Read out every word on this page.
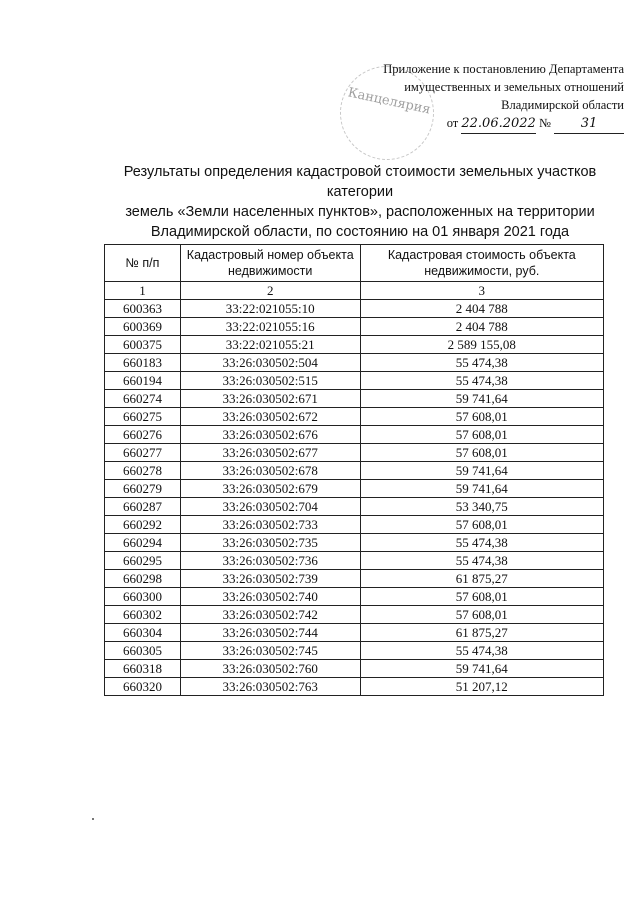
Канцелярия
Приложение к постановлению Департамента
имущественных и земельных отношений
Владимирской области
от 22.06.2022 № 31
Результаты определения кадастровой стоимости земельных участков категории
земель «Земли населенных пунктов», расположенных на территории
Владимирской области, по состоянию на 01 января 2021 года
№ п/п	Кадастровый номер объекта недвижимости	Кадастровая стоимость объекта недвижимости, руб.
1	2	3
600363	33:22:021055:10	2 404 788
600369	33:22:021055:16	2 404 788
600375	33:22:021055:21	2 589 155,08
660183	33:26:030502:504	55 474,38
660194	33:26:030502:515	55 474,38
660274	33:26:030502:671	59 741,64
660275	33:26:030502:672	57 608,01
660276	33:26:030502:676	57 608,01
660277	33:26:030502:677	57 608,01
660278	33:26:030502:678	59 741,64
660279	33:26:030502:679	59 741,64
660287	33:26:030502:704	53 340,75
660292	33:26:030502:733	57 608,01
660294	33:26:030502:735	55 474,38
660295	33:26:030502:736	55 474,38
660298	33:26:030502:739	61 875,27
660300	33:26:030502:740	57 608,01
660302	33:26:030502:742	57 608,01
660304	33:26:030502:744	61 875,27
660305	33:26:030502:745	55 474,38
660318	33:26:030502:760	59 741,64
660320	33:26:030502:763	51 207,12
